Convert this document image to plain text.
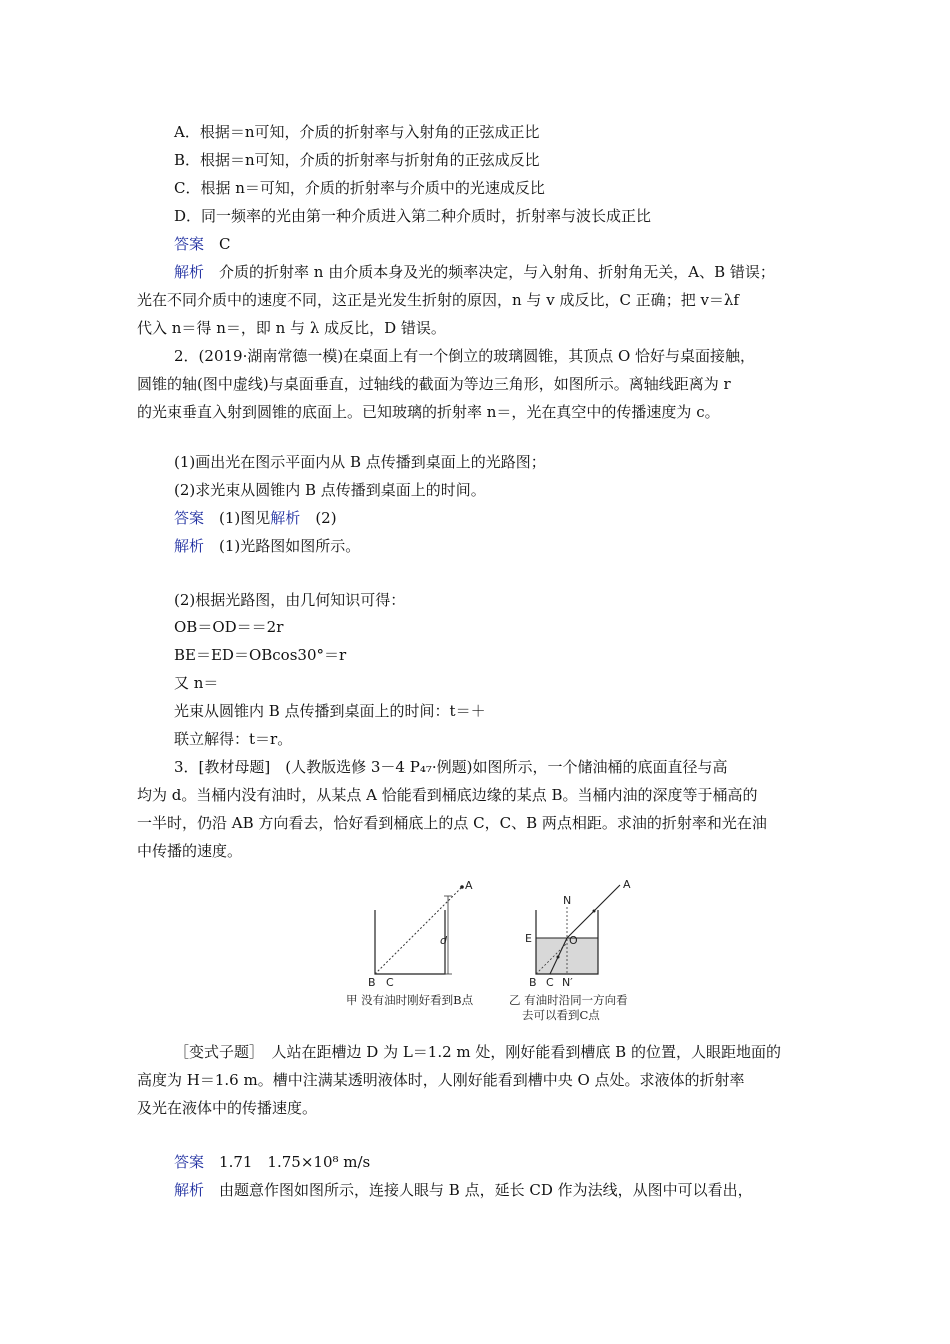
A．根据＝n可知，介质的折射率与入射角的正弦成正比
B．根据＝n可知，介质的折射率与折射角的正弦成反比
C．根据 n＝可知，介质的折射率与介质中的光速成反比
D．同一频率的光由第一种介质进入第二种介质时，折射率与波长成正比
答案　 C
解析　 介质的折射率 n 由介质本身及光的频率决定，与入射角、折射角无关，A、B 错误；
光在不同介质中的速度不同，这正是光发生折射的原因，n 与 v 成反比，C 正确；把 v＝λf
代入 n＝得 n＝，即 n 与 λ 成反比，D 错误。
2．(2019·湖南常德一模)在桌面上有一个倒立的玻璃圆锥，其顶点 O 恰好与桌面接触，
圆锥的轴(图中虚线)与桌面垂直，过轴线的截面为等边三角形，如图所示。离轴线距离为 r
的光束垂直入射到圆锥的底面上。已知玻璃的折射率 n＝，光在真空中的传播速度为 c。
(1)画出光在图示平面内从 B 点传播到桌面上的光路图；
(2)求光束从圆锥内 B 点传播到桌面上的时间。
答案　 (1)图见解析　 (2)
解析　 (1)光路图如图所示。
(2)根据光路图，由几何知识可得：
OB＝OD＝＝2r
BE＝ED＝OBcos30°＝r
又 n＝
光束从圆锥内 B 点传播到桌面上的时间：t＝＋
联立解得：t＝r。
3．[教材母题]　(人教版选修 3－4 P₄₇·例题)如图所示，一个储油桶的底面直径与高
均为 d。当桶内没有油时，从某点 A 恰能看到桶底边缘的某点 B。当桶内油的深度等于桶高的
一半时，仍沿 AB 方向看去，恰好看到桶底上的点 C，C、B 两点相距。求油的折射率和光在油
中传播的速度。
A
d
B C
A
N
E	O
B C N′
甲 没有油时刚好看到B点	乙 有油时沿同一方向看
去可以看到C点
［变式子题］　人站在距槽边 D 为 L＝1.2 m 处，刚好能看到槽底 B 的位置，人眼距地面的
高度为 H＝1.6 m。槽中注满某透明液体时，人刚好能看到槽中央 O 点处。求液体的折射率
及光在液体中的传播速度。
答案　 1.71　1.75×10⁸ m/s
解析　 由题意作图如图所示，连接人眼与 B 点，延长 CD 作为法线，从图中可以看出，
